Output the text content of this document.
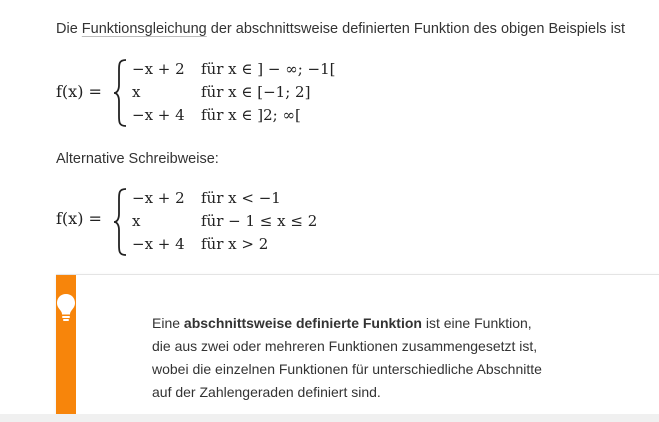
Die Funktionsgleichung der abschnittsweise definierten Funktion des obigen Beispiels ist

f(x) =
−x + 2 für x ∈ ] − ∞; −1[
x	für x ∈ [−1; 2]
−x + 4 für x ∈ ]2; ∞[

Alternative Schreibweise:

f(x) =
−x + 2 für x < −1
x	für − 1 ≤ x ≤ 2
−x + 4 für x > 2
Eine abschnittsweise definierte Funktion ist eine Funktion,
die aus zwei oder mehreren Funktionen zusammengesetzt ist,
wobei die einzelnen Funktionen für unterschiedliche Abschnitte
auf der Zahlengeraden definiert sind.
